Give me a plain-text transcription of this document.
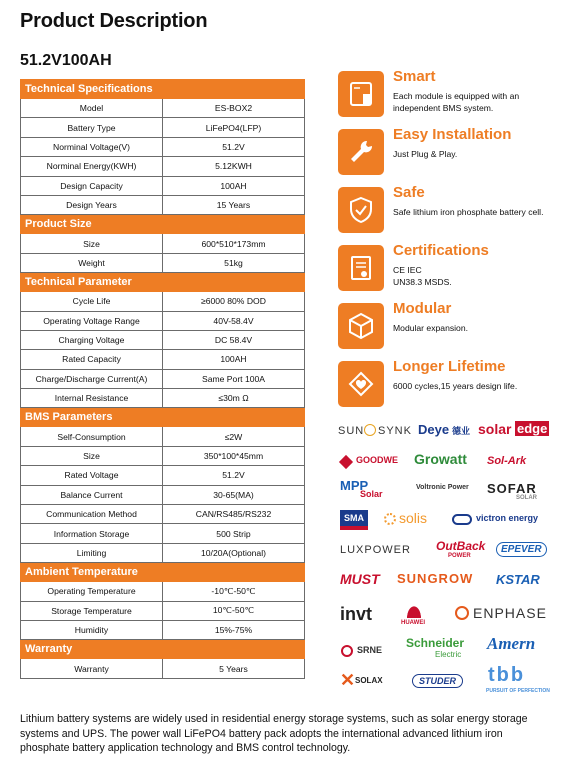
Product Description
51.2V100AH
Technical Specifications	
Model	ES-BOX2
Battery Type	LiFePO4(LFP)
Norminal Voltage(V)	51.2V
Norminal Energy(KWH)	5.12KWH
Design Capacity	100AH
Design Years	15 Years
Product Size	
Size	600*510*173mm
Weight	51kg
Technical Parameter	
Cycle Life	≥6000 80% DOD
Operating Voltage Range	40V-58.4V
Charging Voltage	DC 58.4V
Rated Capacity	100AH
Charge/Discharge Current(A)	Same Port 100A
Internal Resistance	≤30m Ω
BMS Parameters	
Self-Consumption	≤2W
Size	350*100*45mm
Rated Voltage	51.2V
Balance Current	30-65(MA)
Communication Method	CAN/RS485/RS232
Information Storage	500 Strip
Limiting	10/20A(Optional)
Ambient Temperature	
Operating Temperature	-10℃-50℃
Storage Temperature	10℃-50℃
Humidity	15%-75%
Warranty	
Warranty	5 Years
Smart
Each module is equipped with an independent BMS system.
Easy Installation
Just Plug & Play.
Safe
Safe lithium iron phosphate battery cell.
Certifications
CE IEC
UN38.3 MSDS.
Modular
Modular expansion.
Longer Lifetime
6000 cycles,15 years design life.
SUN SYNK Deye 德业 solar edge
GOODWE Growatt Sol-Ark
MPP
Solar
Voltronic Power SOFAR
SOLAR
SMA	solis	victron energy
LUXPOWER OutBack
POWER
EPEVER
MUST SUNGROW KSTAR
invt	HUAWEI
ENPHASE
SRNE Schneider
Electric
Amern
✕ SOLAX	STUDER	tbb
PURSUIT OF PERFECTION
Lithium battery systems are widely used in residential energy storage systems, such as solar energy storage systems and UPS. The power wall LiFePO4 battery pack adopts the international advanced lithium iron phosphate battery application technology and BMS control technology.
